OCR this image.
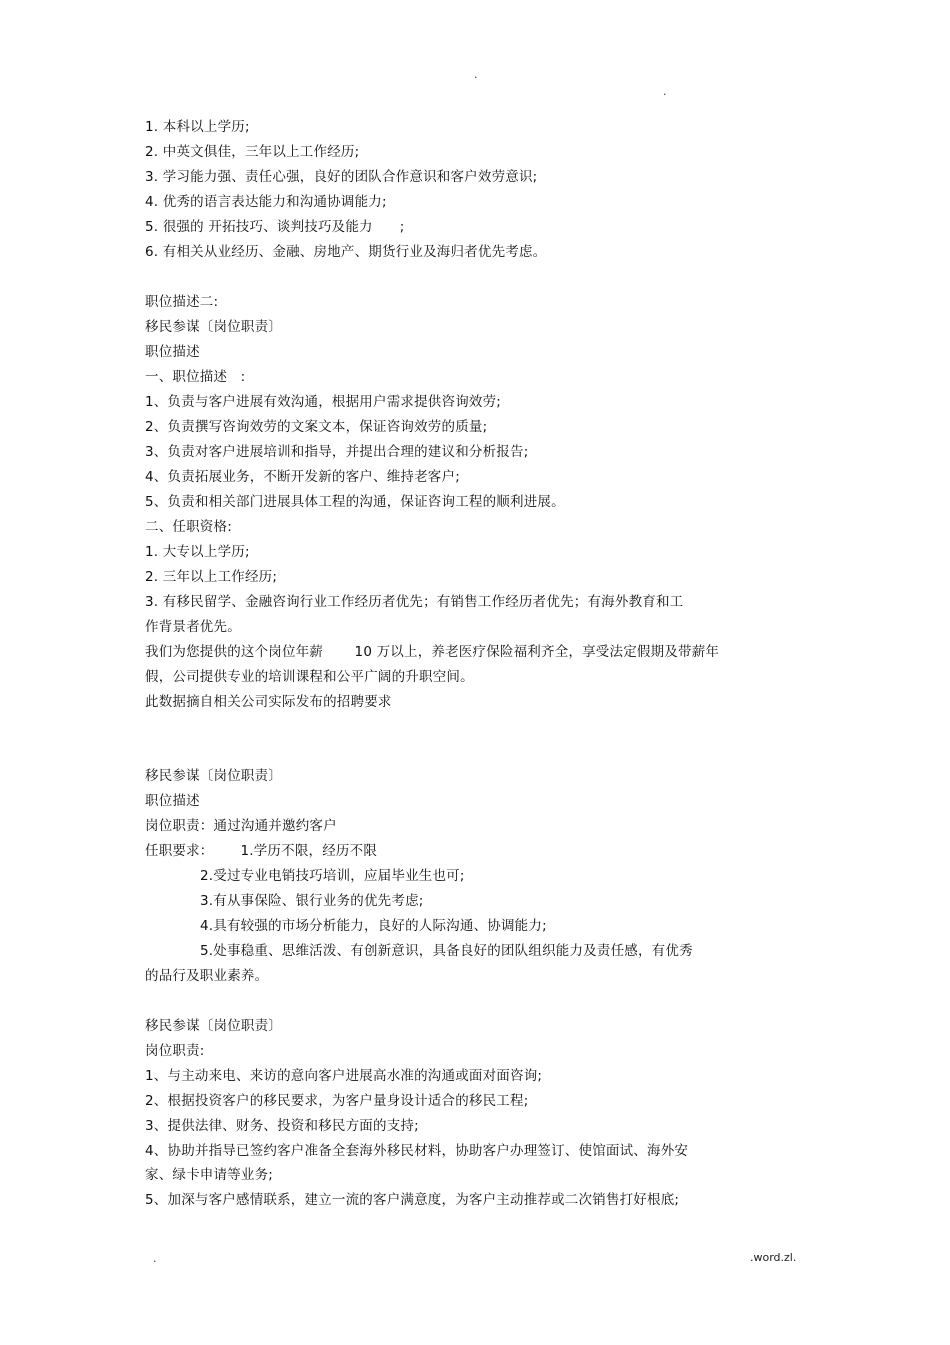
.
.
1. 本科以上学历;
2. 中英文俱佳，三年以上工作经历;
3. 学习能力强、责任心强，良好的团队合作意识和客户效劳意识;
4. 优秀的语言表达能力和沟通协调能力;
5. 很强的 开拓技巧、谈判技巧及能力      ;
6. 有相关从业经历、金融、房地产、期货行业及海归者优先考虑。
职位描述二:
移民参谋〔岗位职责〕
职位描述
一、职位描述   :
1、负责与客户进展有效沟通，根据用户需求提供咨询效劳;
2、负责撰写咨询效劳的文案文本，保证咨询效劳的质量;
3、负责对客户进展培训和指导，并提出合理的建议和分析报告;
4、负责拓展业务，不断开发新的客户、维持老客户;
5、负责和相关部门进展具体工程的沟通，保证咨询工程的顺利进展。
二、任职资格:
1. 大专以上学历;
2. 三年以上工作经历;
3. 有移民留学、金融咨询行业工作经历者优先；有销售工作经历者优先；有海外教育和工
作背景者优先。
我们为您提供的这个岗位年薪       10 万以上，养老医疗保险福利齐全，享受法定假期及带薪年
假，公司提供专业的培训课程和公平广阔的升职空间。
此数据摘自相关公司实际发布的招聘要求
移民参谋〔岗位职责〕
职位描述
岗位职责：通过沟通并邀约客户
任职要求：      1.学历不限，经历不限
2.受过专业电销技巧培训，应届毕业生也可;
3.有从事保险、银行业务的优先考虑;
4.具有较强的市场分析能力，良好的人际沟通、协调能力;
5.处事稳重、思维活泼、有创新意识，具备良好的团队组织能力及责任感，有优秀
的品行及职业素养。
移民参谋〔岗位职责〕
岗位职责:
1、与主动来电、来访的意向客户进展高水准的沟通或面对面咨询;
2、根据投资客户的移民要求，为客户量身设计适合的移民工程;
3、提供法律、财务、投资和移民方面的支持;
4、协助并指导已签约客户准备全套海外移民材料，协助客户办理签订、使馆面试、海外安
家、绿卡申请等业务;
5、加深与客户感情联系，建立一流的客户满意度，为客户主动推荐或二次销售打好根底;
.	.word.zl.
